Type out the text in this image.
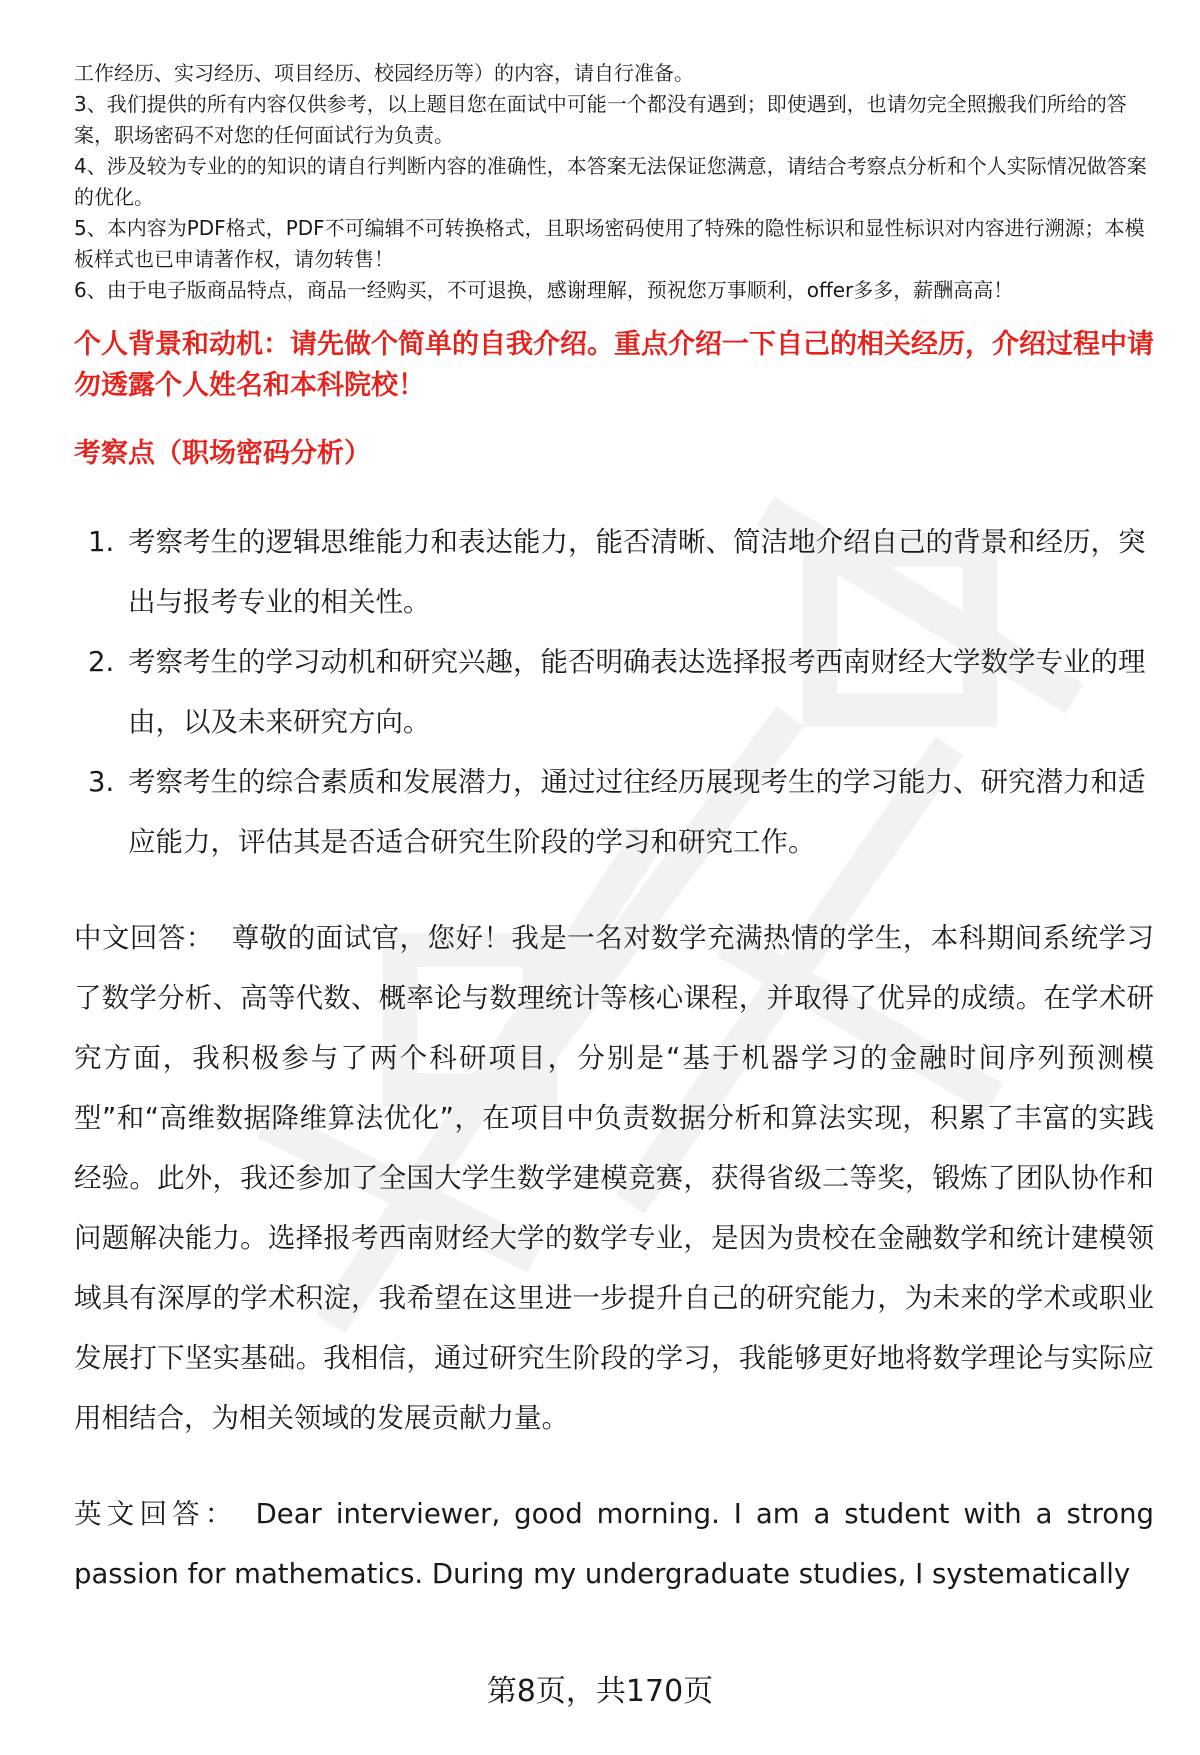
工作经历、实习经历、项目经历、校园经历等）的内容，请自行准备。

3、我们提供的所有内容仅供参考，以上题目您在面试中可能一个都没有遇到；即使遇到，也请勿完全照搬我们所给的答案，职场密码不对您的任何面试行为负责。

4、涉及较为专业的的知识的请自行判断内容的准确性，本答案无法保证您满意，请结合考察点分析和个人实际情况做答案的优化。

5、本内容为PDF格式，PDF不可编辑不可转换格式，且职场密码使用了特殊的隐性标识和显性标识对内容进行溯源；本模板样式也已申请著作权，请勿转售！

6、由于电子版商品特点，商品一经购买，不可退换，感谢理解，预祝您万事顺利，offer多多，薪酬高高！

个人背景和动机：请先做个简单的自我介绍。重点介绍一下自己的相关经历，介绍过程中请勿透露个人姓名和本科院校！
考察点（职场密码分析）
1. 考察考生的逻辑思维能力和表达能力，能否清晰、简洁地介绍自己的背景和经历，突出与报考专业的相关性。
2. 考察考生的学习动机和研究兴趣，能否明确表达选择报考西南财经大学数学专业的理由，以及未来研究方向。
3. 考察考生的综合素质和发展潜力，通过过往经历展现考生的学习能力、研究潜力和适应能力，评估其是否适合研究生阶段的学习和研究工作。

中文回答： 尊敬的面试官，您好！我是一名对数学充满热情的学生，本科期间系统学习了数学分析、高等代数、概率论与数理统计等核心课程，并取得了优异的成绩。在学术研究方面，我积极参与了两个科研项目，分别是“基于机器学习的金融时间序列预测模型”和“高维数据降维算法优化”，在项目中负责数据分析和算法实现，积累了丰富的实践经验。此外，我还参加了全国大学生数学建模竞赛，获得省级二等奖，锻炼了团队协作和问题解决能力。选择报考西南财经大学的数学专业，是因为贵校在金融数学和统计建模领域具有深厚的学术积淀，我希望在这里进一步提升自己的研究能力，为未来的学术或职业发展打下坚实基础。我相信，通过研究生阶段的学习，我能够更好地将数学理论与实际应用相结合，为相关领域的发展贡献力量。

英文回答： Dear interviewer, good morning. I am a student with a strong passion for mathematics. During my undergraduate studies, I systematically

第8页，共170页
